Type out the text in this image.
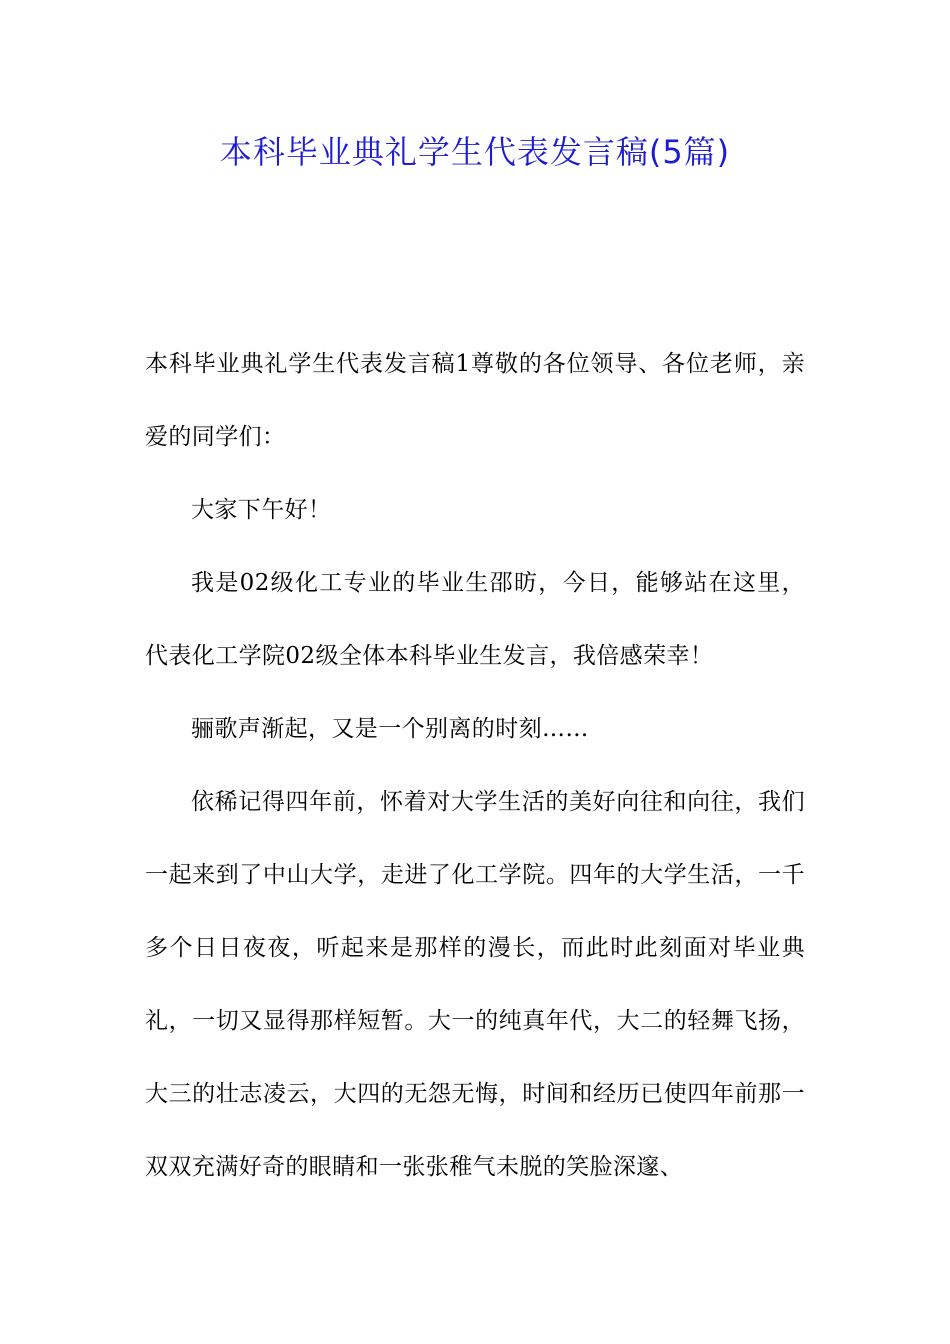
本科毕业典礼学生代表发言稿(5篇)

本科毕业典礼学生代表发言稿1尊敬的各位领导、各位老师，亲爱的同学们：

大家下午好！

我是02级化工专业的毕业生邵昉，今日，能够站在这里，代表化工学院02级全体本科毕业生发言，我倍感荣幸！

骊歌声渐起，又是一个别离的时刻……

依稀记得四年前，怀着对大学生活的美好向往和向往，我们一起来到了中山大学，走进了化工学院。四年的大学生活，一千多个日日夜夜，听起来是那样的漫长，而此时此刻面对毕业典礼，一切又显得那样短暂。大一的纯真年代，大二的轻舞飞扬，大三的壮志凌云，大四的无怨无悔，时间和经历已使四年前那一双双充满好奇的眼睛和一张张稚气未脱的笑脸深邃、
